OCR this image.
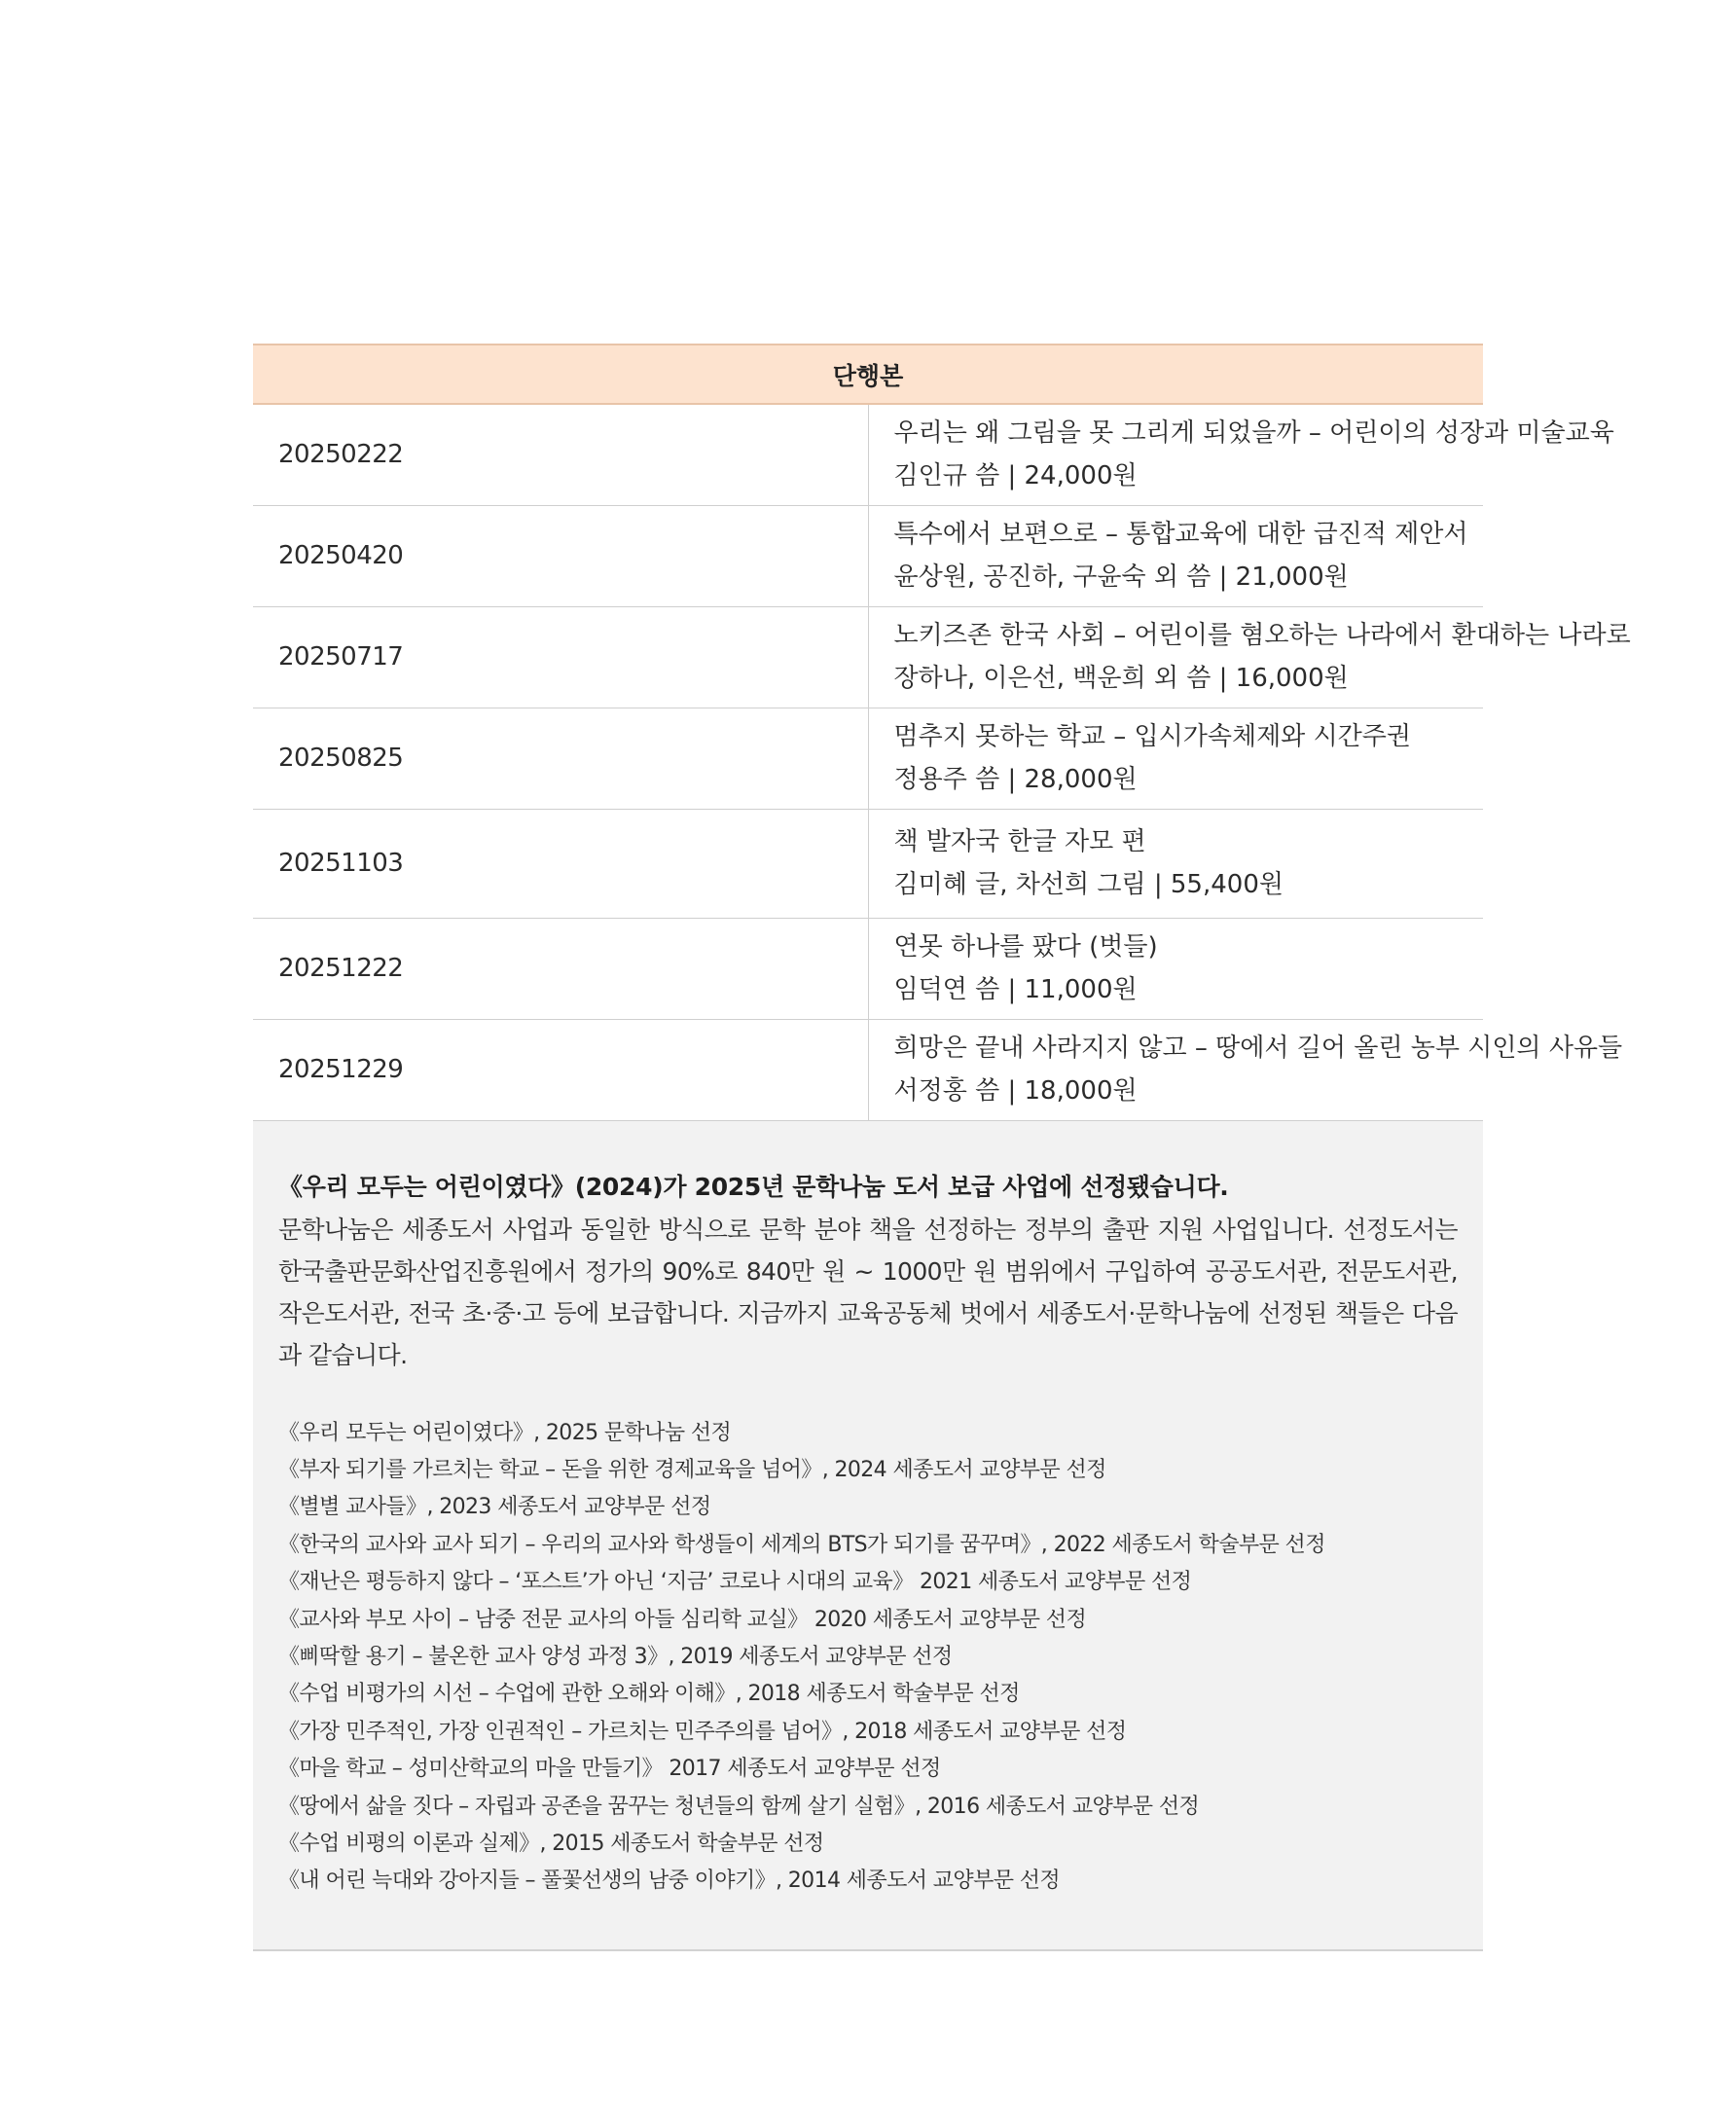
단행본	
20250222	우리는 왜 그림을 못 그리게 되었을까 – 어린이의 성장과 미술교육
김인규 씀 | 24,000원

20250420	특수에서 보편으로 – 통합교육에 대한 급진적 제안서
윤상원, 공진하, 구윤숙 외 씀 | 21,000원

20250717	노키즈존 한국 사회 – 어린이를 혐오하는 나라에서 환대하는 나라로
장하나, 이은선, 백운희 외 씀 | 16,000원

20250825	멈추지 못하는 학교 – 입시가속체제와 시간주권
정용주 씀 | 28,000원

20251103	책 발자국 한글 자모 편
김미혜 글, 차선희 그림 | 55,400원

20251222	연못 하나를 팠다 (벗들)
임덕연 씀 | 11,000원

20251229	희망은 끝내 사라지지 않고 – 땅에서 길어 올린 농부 시인의 사유들
서정홍 씀 | 18,000원

《우리 모두는 어린이였다》(2024)가 2025년 문학나눔 도서 보급 사업에 선정됐습니다.

문학나눔은 세종도서 사업과 동일한 방식으로 문학 분야 책을 선정하는 정부의 출판 지원 사업입니다. 선정도서는 한국출판문화산업진흥원에서 정가의 90%로 840만 원 ~ 1000만 원 범위에서 구입하여 공공도서관, 전문도서관, 작은도서관, 전국 초·중·고 등에 보급합니다. 지금까지 교육공동체 벗에서 세종도서·문학나눔에 선정된 책들은 다음과 같습니다.

《우리 모두는 어린이였다》, 2025 문학나눔 선정
《부자 되기를 가르치는 학교 – 돈을 위한 경제교육을 넘어》, 2024 세종도서 교양부문 선정
《별별 교사들》, 2023 세종도서 교양부문 선정
《한국의 교사와 교사 되기 – 우리의 교사와 학생들이 세계의 BTS가 되기를 꿈꾸며》, 2022 세종도서 학술부문 선정
《재난은 평등하지 않다 – ‘포스트’가 아닌 ‘지금’ 코로나 시대의 교육》 2021 세종도서 교양부문 선정
《교사와 부모 사이 – 남중 전문 교사의 아들 심리학 교실》 2020 세종도서 교양부문 선정
《삐딱할 용기 – 불온한 교사 양성 과정 3》, 2019 세종도서 교양부문 선정
《수업 비평가의 시선 – 수업에 관한 오해와 이해》, 2018 세종도서 학술부문 선정
《가장 민주적인, 가장 인권적인 – 가르치는 민주주의를 넘어》, 2018 세종도서 교양부문 선정
《마을 학교 – 성미산학교의 마을 만들기》 2017 세종도서 교양부문 선정
《땅에서 삶을 짓다 – 자립과 공존을 꿈꾸는 청년들의 함께 살기 실험》, 2016 세종도서 교양부문 선정
《수업 비평의 이론과 실제》, 2015 세종도서 학술부문 선정
《내 어린 늑대와 강아지들 – 풀꽃선생의 남중 이야기》, 2014 세종도서 교양부문 선정
